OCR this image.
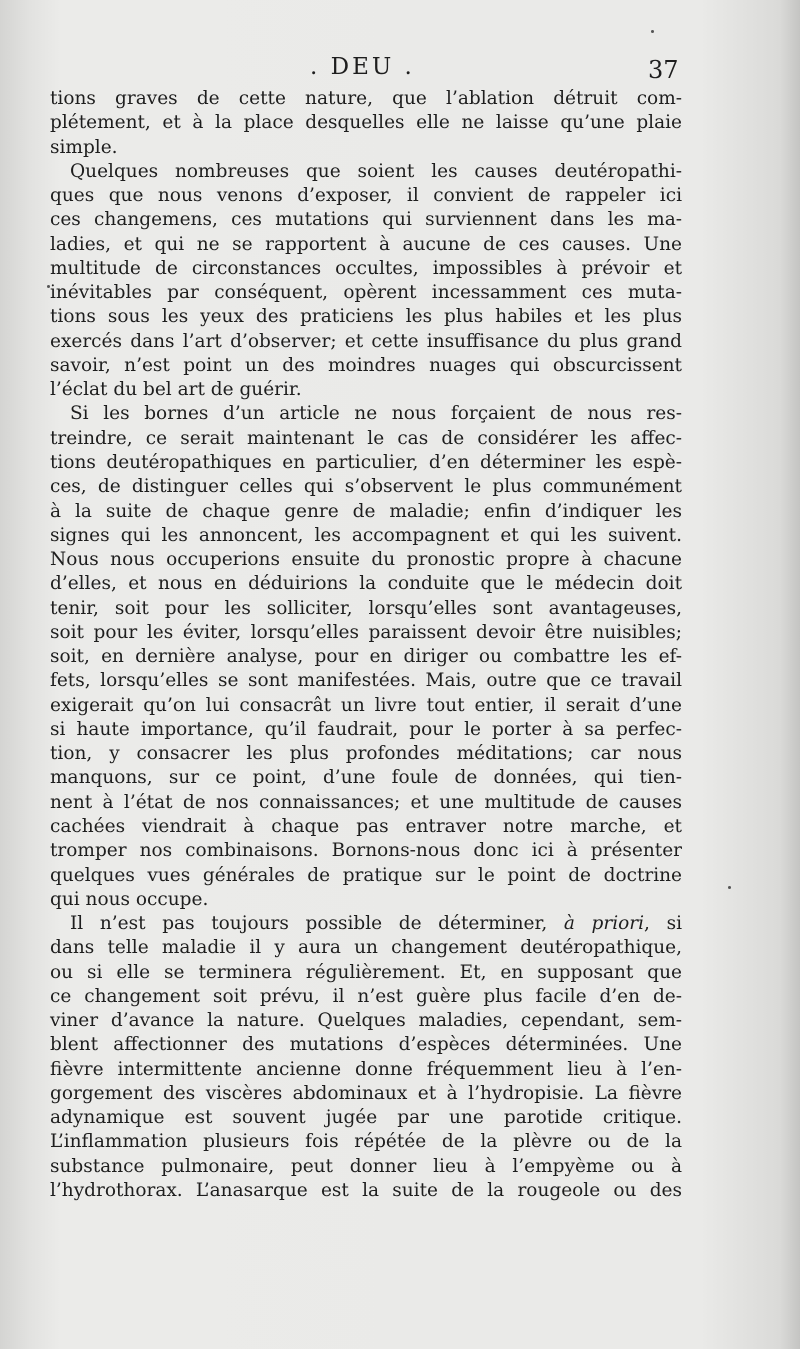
. DEU .	37
tions graves de cette nature, que l’ablation détruit com-
plétement, et à la place desquelles elle ne laisse qu’une plaie
simple.
Quelques nombreuses que soient les causes deutéropathi-
ques que nous venons d’exposer, il convient de rappeler ici
ces changemens, ces mutations qui surviennent dans les ma-
ladies, et qui ne se rapportent à aucune de ces causes. Une
multitude de circonstances occultes, impossibles à prévoir et
inévitables par conséquent, opèrent incessamment ces muta-
tions sous les yeux des praticiens les plus habiles et les plus
exercés dans l’art d’observer; et cette insuffisance du plus grand
savoir, n’est point un des moindres nuages qui obscurcissent
l’éclat du bel art de guérir.
Si les bornes d’un article ne nous forçaient de nous res-
treindre, ce serait maintenant le cas de considérer les affec-
tions deutéropathiques en particulier, d’en déterminer les espè-
ces, de distinguer celles qui s’observent le plus communément
à la suite de chaque genre de maladie; enfin d’indiquer les
signes qui les annoncent, les accompagnent et qui les suivent.
Nous nous occuperions ensuite du pronostic propre à chacune
d’elles, et nous en déduirions la conduite que le médecin doit
tenir, soit pour les solliciter, lorsqu’elles sont avantageuses,
soit pour les éviter, lorsqu’elles paraissent devoir être nuisibles;
soit, en dernière analyse, pour en diriger ou combattre les ef-
fets, lorsqu’elles se sont manifestées. Mais, outre que ce travail
exigerait qu’on lui consacrât un livre tout entier, il serait d’une
si haute importance, qu’il faudrait, pour le porter à sa perfec-
tion, y consacrer les plus profondes méditations; car nous
manquons, sur ce point, d’une foule de données, qui tien-
nent à l’état de nos connaissances; et une multitude de causes
cachées viendrait à chaque pas entraver notre marche, et
tromper nos combinaisons. Bornons-nous donc ici à présenter
quelques vues générales de pratique sur le point de doctrine
qui nous occupe.
Il n’est pas toujours possible de déterminer, à priori, si
dans telle maladie il y aura un changement deutéropathique,
ou si elle se terminera régulièrement. Et, en supposant que
ce changement soit prévu, il n’est guère plus facile d’en de-
viner d’avance la nature. Quelques maladies, cependant, sem-
blent affectionner des mutations d’espèces déterminées. Une
fièvre intermittente ancienne donne fréquemment lieu à l’en-
gorgement des viscères abdominaux et à l’hydropisie. La fièvre
adynamique est souvent jugée par une parotide critique.
L’inflammation plusieurs fois répétée de la plèvre ou de la
substance pulmonaire, peut donner lieu à l’empyème ou à
l’hydrothorax. L’anasarque est la suite de la rougeole ou des
